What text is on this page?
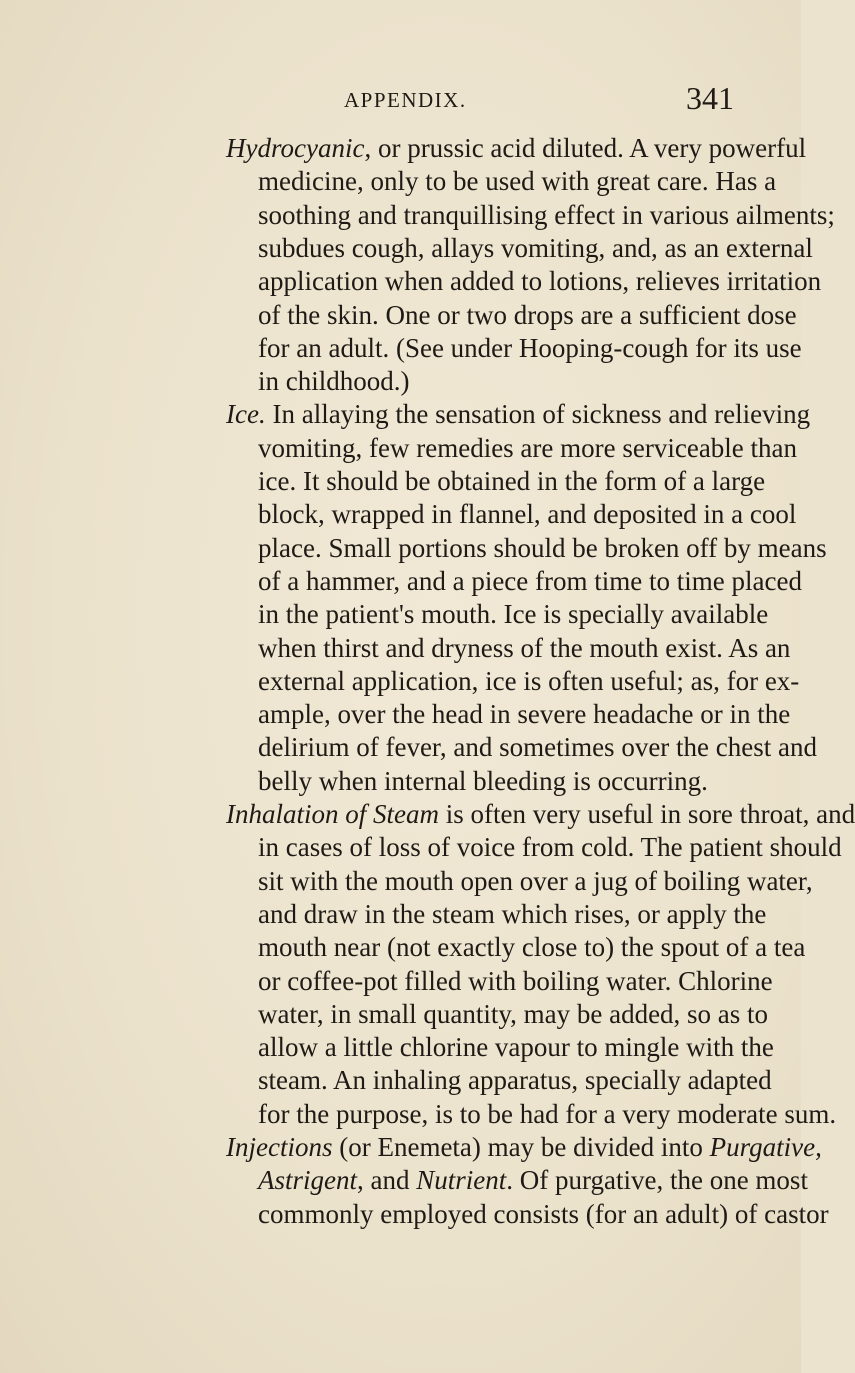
APPENDIX.	341
Hydrocyanic, or prussic acid diluted. A very powerful
medicine, only to be used with great care. Has a
soothing and tranquillising effect in various ailments;
subdues cough, allays vomiting, and, as an external
application when added to lotions, relieves irritation
of the skin. One or two drops are a sufficient dose
for an adult. (See under Hooping-cough for its use
in childhood.)
Ice. In allaying the sensation of sickness and relieving
vomiting, few remedies are more serviceable than
ice. It should be obtained in the form of a large
block, wrapped in flannel, and deposited in a cool
place. Small portions should be broken off by means
of a hammer, and a piece from time to time placed
in the patient's mouth. Ice is specially available
when thirst and dryness of the mouth exist. As an
external application, ice is often useful; as, for ex-
ample, over the head in severe headache or in the
delirium of fever, and sometimes over the chest and
belly when internal bleeding is occurring.
Inhalation of Steam is often very useful in sore throat, and
in cases of loss of voice from cold. The patient should
sit with the mouth open over a jug of boiling water,
and draw in the steam which rises, or apply the
mouth near (not exactly close to) the spout of a tea
or coffee-pot filled with boiling water. Chlorine
water, in small quantity, may be added, so as to
allow a little chlorine vapour to mingle with the
steam. An inhaling apparatus, specially adapted
for the purpose, is to be had for a very moderate sum.
Injections (or Enemeta) may be divided into Purgative,
Astrigent, and Nutrient. Of purgative, the one most
commonly employed consists (for an adult) of castor
